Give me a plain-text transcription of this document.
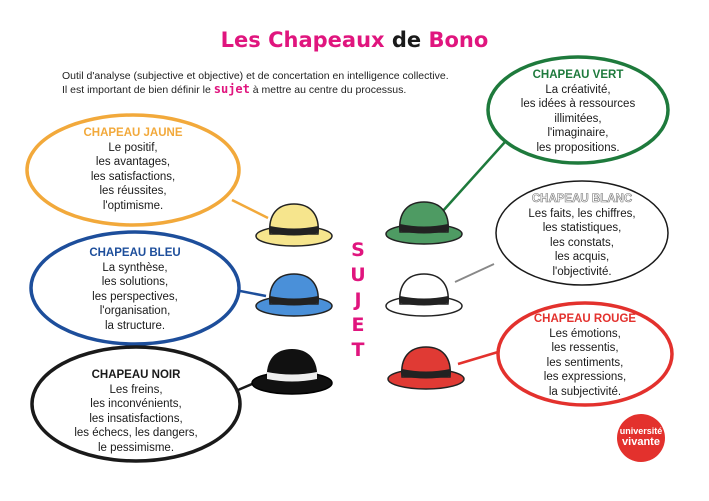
Les Chapeaux de Bono
Outil d'analyse (subjective et objective) et de concertation en intelligence collective.
Il est important de bien définir le sujet à mettre au centre du processus.
S
U
J
E
T
CHAPEAU JAUNE
Le positif,
les avantages,
les satisfactions,
les réussites,
l'optimisme.
CHAPEAU BLEU
La synthèse,
les solutions,
les perspectives,
l'organisation,
la structure.
CHAPEAU NOIR
Les freins,
les inconvénients,
les insatisfactions,
les échecs, les dangers,
le pessimisme.
CHAPEAU VERT
La créativité,
les idées à ressources
illimitées,
l'imaginaire,
les propositions.
CHAPEAU BLANC
Les faits, les chiffres,
les statistiques,
les constats,
les acquis,
l'objectivité.
CHAPEAU ROUGE
Les émotions,
les ressentis,
les sentiments,
les expressions,
la subjectivité.
université
vivante
